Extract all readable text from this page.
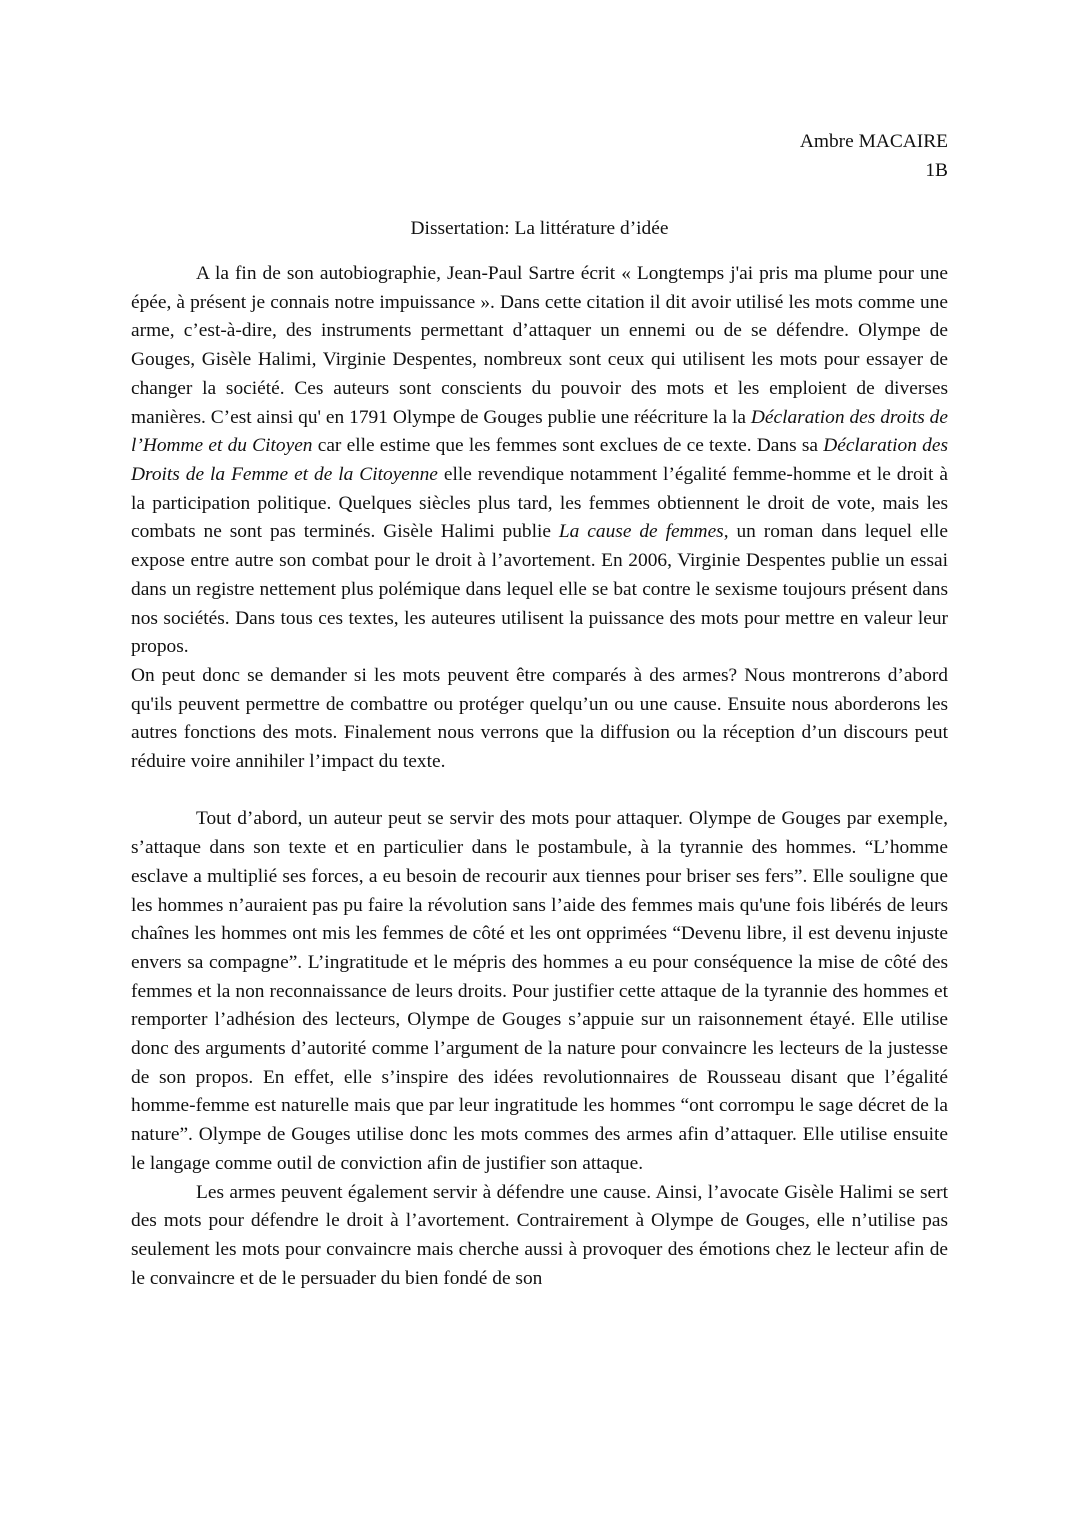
Ambre MACAIRE
1B
Dissertation: La littérature d’idée

A la fin de son autobiographie, Jean-Paul Sartre écrit « Longtemps j'ai pris ma plume pour une épée, à présent je connais notre impuissance ». Dans cette citation il dit avoir utilisé les mots comme une arme, c’est-à-dire, des instruments permettant d’attaquer un ennemi ou de se défendre. Olympe de Gouges, Gisèle Halimi, Virginie Despentes, nombreux sont ceux qui utilisent les mots pour essayer de changer la société. Ces auteurs sont conscients du pouvoir des mots et les emploient de diverses manières. C’est ainsi qu' en 1791 Olympe de Gouges publie une réécriture la la Déclaration des droits de l’Homme et du Citoyen car elle estime que les femmes sont exclues de ce texte. Dans sa Déclaration des Droits de la Femme et de la Citoyenne elle revendique notamment l’égalité femme-homme et le droit à la participation politique. Quelques siècles plus tard, les femmes obtiennent le droit de vote, mais les combats ne sont pas terminés. Gisèle Halimi publie La cause de femmes, un roman dans lequel elle expose entre autre son combat pour le droit à l’avortement. En 2006, Virginie Despentes publie un essai dans un registre nettement plus polémique dans lequel elle se bat contre le sexisme toujours présent dans nos sociétés. Dans tous ces textes, les auteures utilisent la puissance des mots pour mettre en valeur leur propos.

On peut donc se demander si les mots peuvent être comparés à des armes? Nous montrerons d’abord qu'ils peuvent permettre de combattre ou protéger quelqu’un ou une cause. Ensuite nous aborderons les autres fonctions des mots. Finalement nous verrons que la diffusion ou la réception d’un discours peut réduire voire annihiler l’impact du texte.

Tout d’abord, un auteur peut se servir des mots pour attaquer. Olympe de Gouges par exemple, s’attaque dans son texte et en particulier dans le postambule, à la tyrannie des hommes. “L’homme esclave a multiplié ses forces, a eu besoin de recourir aux tiennes pour briser ses fers”. Elle souligne que les hommes n’auraient pas pu faire la révolution sans l’aide des femmes mais qu'une fois libérés de leurs chaînes les hommes ont mis les femmes de côté et les ont opprimées “Devenu libre, il est devenu injuste envers sa compagne”. L’ingratitude et le mépris des hommes a eu pour conséquence la mise de côté des femmes et la non reconnaissance de leurs droits. Pour justifier cette attaque de la tyrannie des hommes et remporter l’adhésion des lecteurs, Olympe de Gouges s’appuie sur un raisonnement étayé. Elle utilise donc des arguments d’autorité comme l’argument de la nature pour convaincre les lecteurs de la justesse de son propos. En effet, elle s’inspire des idées revolutionnaires de Rousseau disant que l’égalité homme-femme est naturelle mais que par leur ingratitude les hommes “ont corrompu le sage décret de la nature”. Olympe de Gouges utilise donc les mots commes des armes afin d’attaquer. Elle utilise ensuite le langage comme outil de conviction afin de justifier son attaque.

Les armes peuvent également servir à défendre une cause. Ainsi, l’avocate Gisèle Halimi se sert des mots pour défendre le droit à l’avortement. Contrairement à Olympe de Gouges, elle n’utilise pas seulement les mots pour convaincre mais cherche aussi à provoquer des émotions chez le lecteur afin de le convaincre et de le persuader du bien fondé de son
